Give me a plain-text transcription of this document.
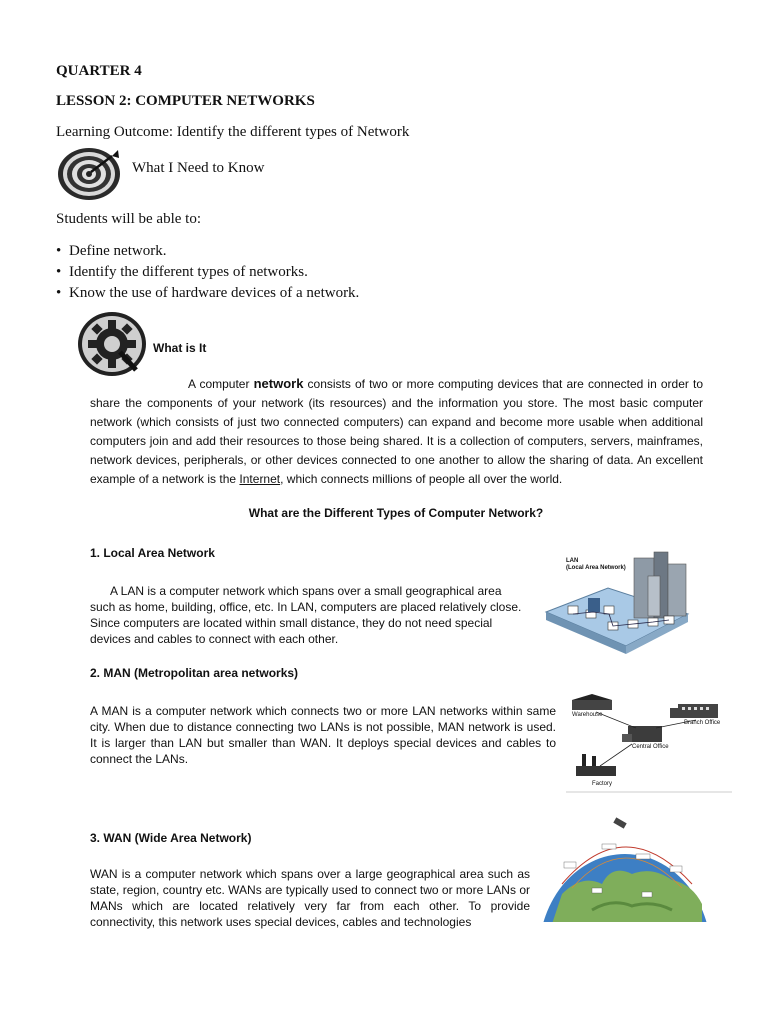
QUARTER 4
LESSON 2: COMPUTER NETWORKS
Learning Outcome: Identify the different types of Network
What I Need to Know
Students will be able to:
• Define network.
• Identify the different types of networks.
• Know the use of hardware devices of a network.
What is It
A computer network consists of two or more computing devices that are connected in order to share the components of your network (its resources) and the information you store. The most basic computer network (which consists of just two connected computers) can expand and become more usable when additional computers join and add their resources to those being shared. It is a collection of computers, servers, mainframes, network devices, peripherals, or other devices connected to one another to allow the sharing of data. An excellent example of a network is the Internet, which connects millions of people all over the world.
What are the Different Types of Computer Network?
1. Local Area Network
A LAN is a computer network which spans over a small geographical area such as home, building, office, etc. In LAN, computers are placed relatively close. Since computers are located within small distance, they do not need special devices and cables to connect with each other.
LAN
(Local Area Network)
2. MAN (Metropolitan area networks)
A MAN is a computer network which connects two or more LAN networks within same city. When due to distance connecting two LANs is not possible, MAN network is used. It is larger than LAN but smaller than WAN. It deploys special devices and cables to connect the LANs.
Warehouse
Branch Office
Central Office
Factory
3. WAN (Wide Area Network)
WAN is a computer network which spans over a large geographical area such as state, region, country etc. WANs are typically used to connect two or more LANs or MANs which are located relatively very far from each other. To provide connectivity, this network uses special devices, cables and technologies
